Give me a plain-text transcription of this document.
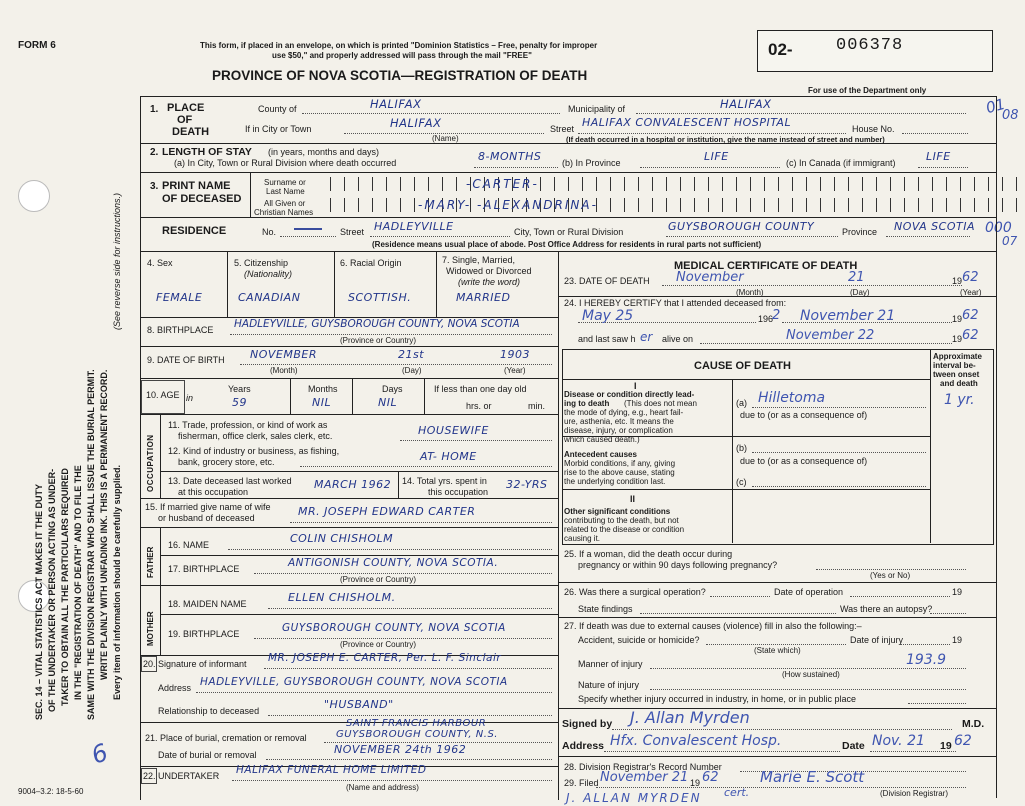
FORM 6	This form, if placed in an envelope, on which is printed "Dominion Statistics – Free, penalty for improper
use $50," and properly addressed will pass through the mail "FREE"
PROVINCE OF NOVA SCOTIA—REGISTRATION OF DEATH
02-	006378
For use of the Department only
01
08
000
07
SEC. 14 – VITAL STATISTICS ACT MAKES IT THE DUTY OF THE UNDERTAKER OR PERSON ACTING AS UNDER- TAKER TO OBTAIN ALL THE PARTICULARS REQUIRED IN THE "REGISTRATION OF DEATH" AND TO FILE THE SAME WITH THE DIVISION REGISTRAR WHO SHALL ISSUE THE BURIAL PERMIT. WRITE PLAINLY WITH UNFADING INK. THIS IS A PERMANENT RECORD.
(See reverse side for instructions.)
Every item of information should be carefully supplied.
6
1. PLACE
OF
DEATH
County of	HALIFAX	Municipality of	HALIFAX
If in City or Town	HALIFAX
(Name)
Street HALIFAX CONVALESCENT HOSPITAL	House No.
(If death occurred in a hospital or institution, give the name instead of street and number)
2. LENGTH OF STAY (in years, months and days)
(a) In City, Town or Rural Division where death occurred	8-MONTHS (b) In Province	LIFE	(c) In Canada (if immigrant)	LIFE
3. PRINT NAME
OF DECEASED
Surname or
Last Name
-CARTER-
All Given or
Christian Names
-MARY- -ALEXANDRINA-
RESIDENCE	No.	Street HADLEYVILLE	City, Town or Rural Division	GUYSBOROUGH COUNTY	Province NOVA SCOTIA
(Residence means usual place of abode. Post Office Address for residents in rural parts not sufficient)
4. Sex
FEMALE
5. Citizenship
(Nationality)
CANADIAN
6. Racial Origin
SCOTTISH.
7. Single, Married,
Widowed or Divorced
(write the word)
MARRIED
8. BIRTHPLACE HADLEYVILLE, GUYSBOROUGH COUNTY, NOVA SCOTIA
(Province or Country)
9. DATE OF BIRTH NOVEMBER	21st	1903
(Month)	(Day)	(Year)
10. AGE in
Years
59
Months
NIL
Days
NIL
If less than one day old
hrs. or	min.
OCCUPATION
11. Trade, profession, or kind of work as
fisherman, office clerk, sales clerk, etc.	HOUSEWIFE
12. Kind of industry or business, as fishing,
bank, grocery store, etc.	AT- HOME
13. Date deceased last worked
at this occupation
MARCH 1962 14. Total yrs. spent in
this occupation
32-YRS
15. If married give name of wife
or husband of deceased	MR. JOSEPH EDWARD CARTER
FATHER
16. NAME	COLIN CHISHOLM
17. BIRTHPLACE	ANTIGONISH COUNTY, NOVA SCOTIA.
(Province or Country)
MOTHER
18. MAIDEN NAME	ELLEN CHISHOLM.
19. BIRTHPLACE	GUYSBOROUGH COUNTY, NOVA SCOTIA
(Province or Country)
20. Signature of informant MR. JOSEPH E. CARTER, Per. L. F. Sinclair
Address HADLEYVILLE, GUYSBOROUGH COUNTY, NOVA SCOTIA
Relationship to deceased	"HUSBAND"
21. Place of burial, cremation or removal
SAINT FRANCIS HARBOUR
GUYSBOROUGH COUNTY, N.S.
Date of burial or removal	NOVEMBER 24th 1962
22. UNDERTAKER HALIFAX FUNERAL HOME LIMITED
(Name and address)
9004–3.2: 18-5-60
MEDICAL CERTIFICATE OF DEATH
23. DATE OF DEATH November	21	19 62
(Month)	(Day)	(Year)
24. I HEREBY CERTIFY that I attended deceased from:
May 25	196
2 November 21	19 62
and last saw h er alive on	November 22	19 62
CAUSE OF DEATH
Approximate
interval be-
tween onset
and death
I
Disease or condition directly lead-
ing to death (This does not mean
the mode of dying, e.g., heart fail-
ure, asthenia, etc. It means the
disease, injury, or complication
which caused death.)
(a) Hilletoma	1 yr.
due to (or as a consequence of)
Antecedent causes
Morbid conditions, if any, giving
rise to the above cause, stating
the underlying condition last.
(b)
due to (or as a consequence of)
(c)
II
Other significant conditions
contributing to the death, but not
related to the disease or condition
causing it.
25. If a woman, did the death occur during
pregnancy or within 90 days following pregnancy?
(Yes or No)
26. Was there a surgical operation?	Date of operation	19
State findings	Was there an autopsy?
27. If death was due to external causes (violence) fill in also the following:–
Accident, suicide or homicide?
(State which)
Date of injury	19
Manner of injury	193.9
(How sustained)
Nature of injury
Specify whether injury occurred in industry, in home, or in public place
Signed by J. Allan Myrden	M.D.
Address Hfx. Convalescent Hosp.	Date Nov. 21 19 62
28. Division Registrar's Record Number
29. Filed November 21 19 62	Marie E. Scott
(Division Registrar)
J. ALLAN MYRDEN cert.
